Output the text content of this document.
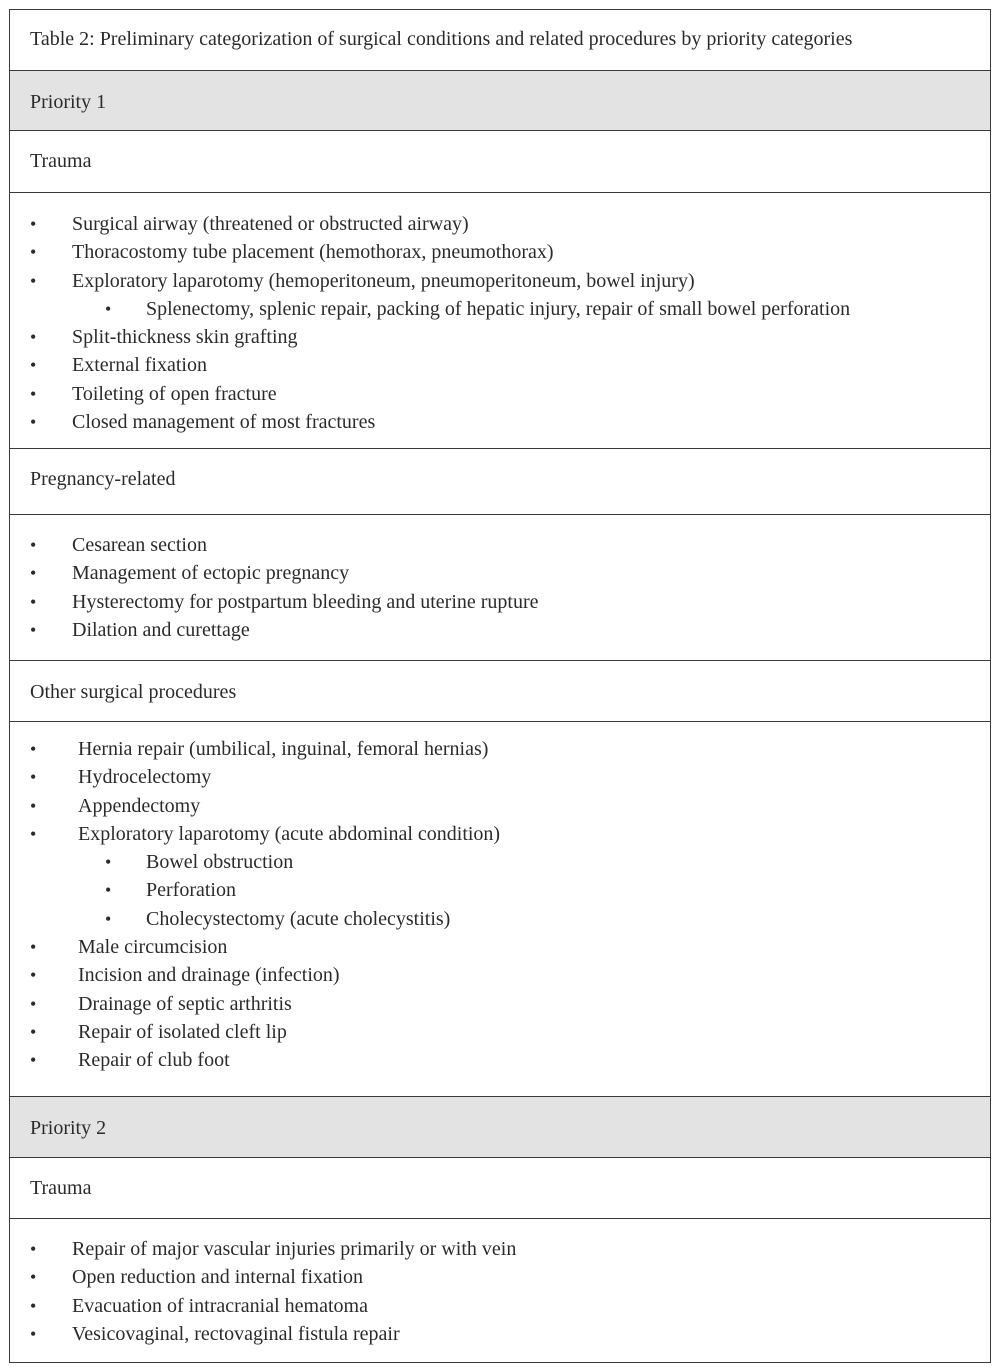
Table 2: Preliminary categorization of surgical conditions and related procedures by priority categories
Priority 1
Trauma
• Surgical airway (threatened or obstructed airway)
• Thoracostomy tube placement (hemothorax, pneumothorax)
• Exploratory laparotomy (hemoperitoneum, pneumoperitoneum, bowel injury)
• Splenectomy, splenic repair, packing of hepatic injury, repair of small bowel perforation
• Split-thickness skin grafting
• External fixation
• Toileting of open fracture
• Closed management of most fractures
Pregnancy-related
• Cesarean section
• Management of ectopic pregnancy
• Hysterectomy for postpartum bleeding and uterine rupture
• Dilation and curettage
Other surgical procedures
• Hernia repair (umbilical, inguinal, femoral hernias)
• Hydrocelectomy
• Appendectomy
• Exploratory laparotomy (acute abdominal condition)
• Bowel obstruction
• Perforation
• Cholecystectomy (acute cholecystitis)
• Male circumcision
• Incision and drainage (infection)
• Drainage of septic arthritis
• Repair of isolated cleft lip
• Repair of club foot
Priority 2
Trauma
• Repair of major vascular injuries primarily or with vein
• Open reduction and internal fixation
• Evacuation of intracranial hematoma
• Vesicovaginal, rectovaginal fistula repair
